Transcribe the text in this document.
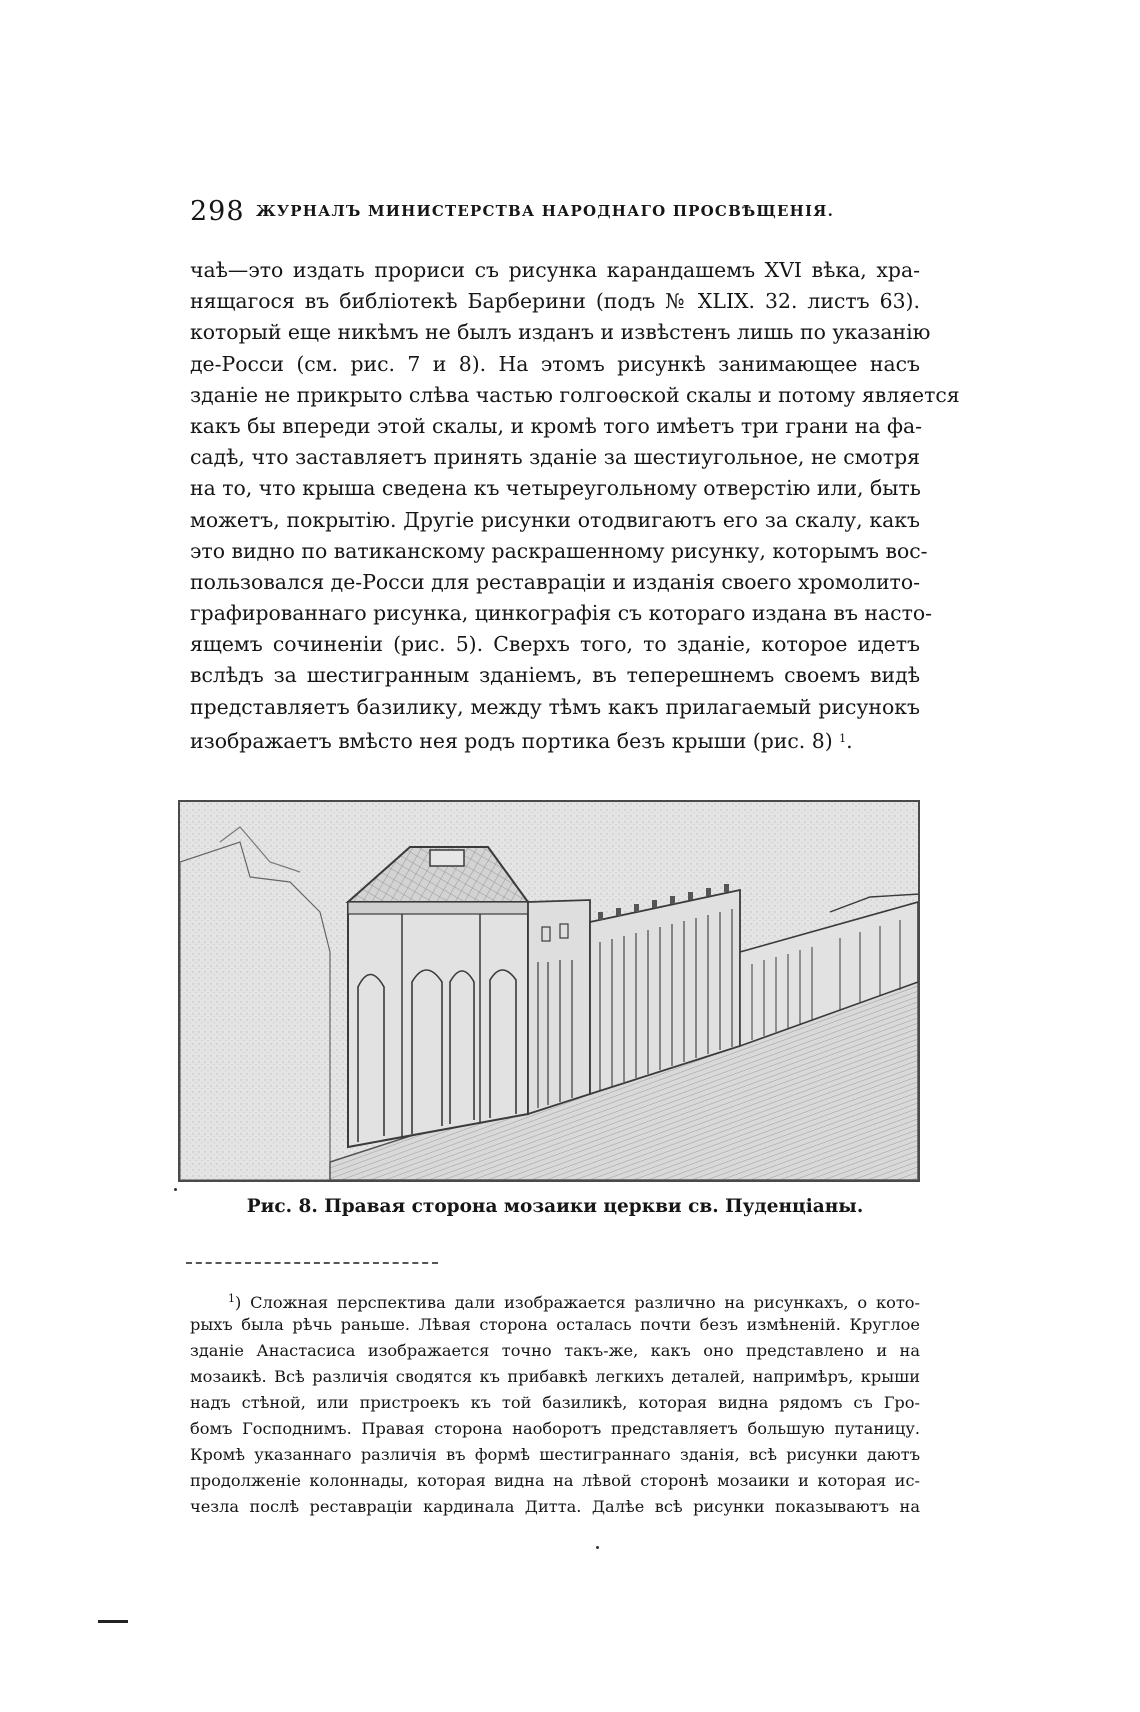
298 ЖУРНАЛЪ МИНИСТЕРСТВА НАРОДНАГО ПРОСВѢЩЕНІЯ.
чаѣ—это издать прориси съ рисунка карандашемъ XVI вѣка, хра-
нящагося въ библіотекѣ Барберини (подъ № XLIX. 32. листъ 63).
который еще никѣмъ не былъ изданъ и извѣстенъ лишь по указанію
де-Росси (см. рис. 7 и 8). На этомъ рисункѣ занимающее насъ
зданіе не прикрыто слѣва частью голгоѳской скалы и потому является
какъ бы впереди этой скалы, и кромѣ того имѣетъ три грани на фа-
садѣ, что заставляетъ принять зданіе за шестиугольное, не смотря
на то, что крыша сведена къ четыреугольному отверстію или, быть
можетъ, покрытію. Другіе рисунки отодвигаютъ его за скалу, какъ
это видно по ватиканскому раскрашенному рисунку, которымъ вос-
пользовался де-Росси для реставраціи и изданія своего хромолито-
графированнаго рисунка, цинкографія съ котораго издана въ насто-
ящемъ сочиненіи (рис. 5). Сверхъ того, то зданіе, которое идетъ
вслѣдъ за шестигранным зданіемъ, въ теперешнемъ своемъ видѣ
представляетъ базилику, между тѣмъ какъ прилагаемый рисунокъ
изображаетъ вмѣсто нея родъ портика безъ крыши (рис. 8) $^1$.
Рис. 8. Правая сторона мозаики церкви св. Пуденціаны.
$^1$) Сложная перспектива дали изображается различно на рисункахъ, о кото-
рыхъ была рѣчь раньше. Лѣвая сторона осталась почти безъ измѣненій. Круглое
зданіе Анастасиса изображается точно такъ-же, какъ оно представлено и на
мозаикѣ. Всѣ различія сводятся къ прибавкѣ легкихъ деталей, напримѣръ, крыши
надъ стѣной, или пристроекъ къ той базиликѣ, которая видна рядомъ съ Гро-
бомъ Господнимъ. Правая сторона наоборотъ представляетъ большую путаницу.
Кромѣ указаннаго различія въ формѣ шестиграннаго зданія, всѣ рисунки даютъ
продолженіе колоннады, которая видна на лѣвой сторонѣ мозаики и которая ис-
чезла послѣ реставраціи кардинала Дитта. Далѣе всѣ рисунки показываютъ на
